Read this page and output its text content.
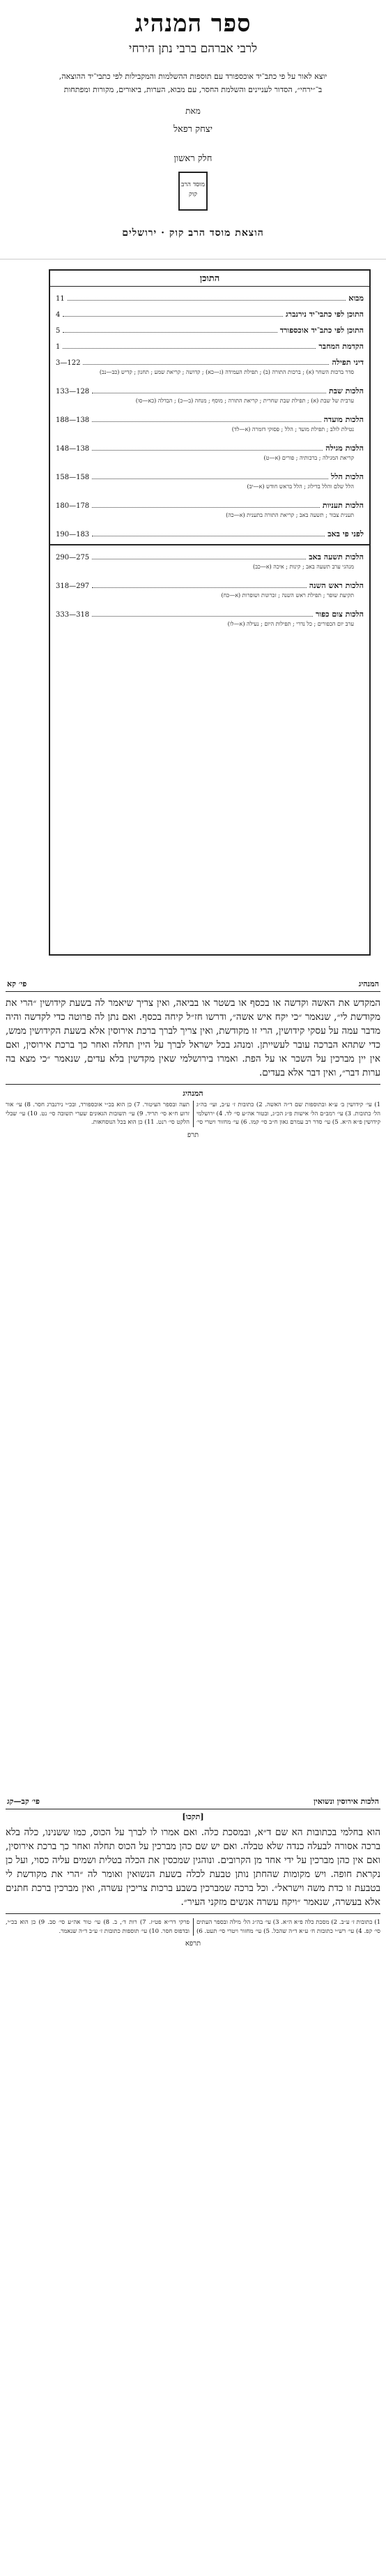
ספר המנהיג
לרבי אברהם ברבי נתן הירחי
יוצא לאור על פי כתב־יד אוכספורד עם תוספות ההשלמות והמקבילות לפי כתבי־יד ההוצאה, ב־״ירחי״, הסדור לעניינים והשלמת החסר, עם מבוא, הערות, ביאורים, מקורות ומפתחות
מאת
יצחק רפאל
חלק ראשון
מוסד הרב קוק
הוצאת מוסד הרב קוק · ירושלים
התוכן
מבוא
11
התוכן לפי כתבי־יד נירנברג
4
התוכן לפי כתב־יד אוכספורד
5
הקדמת המחבר
1
דיני תפילה
3—122
סדר ברכות השחר (א) ; ברכות התורה (ב) ; תפילת העמידה (ג—כא) ; קדושה ; קריאת שמע ; תחנון ; קדיש (כב—נב)
הלכות שבת
133—128
ערבית של שבת (א) ; תפילת שבת שחרית ; קריאת התורה ; מוסף ; מנחה (ב—כ) ; הבדלה (כא—סו)
הלכות מועדה
188—138
נטילת לולב ; תפילת מועד ; הלל ; פסוקי דזמרה (א—לד)
הלכות מגילה
148—138
קריאת המגילה ; ברכותיה ; פורים (א—ט)
הלכות הלל
158—158
הלל שלם והלל בדילוג ; הלל בראש חודש (א—יב)
הלכות תעניות
180—178
תענית צבור ; תשעה באב ; קריאת התורה בתענית (א—כה)
לפני פי באב
190—183
הלכות תשעה באב
290—275
מנהגי ערב תשעה באב ; קינות ; איכה (א—כב)
הלכות ראש השנה
318—297
תקיעת שופר ; תפילת ראש השנה ; זכרונות ושופרות (א—כח)
הלכות צום כפור
333—318
ערב יום הכפורים ; כל נדרי ; תפילות היום ; נעילה (א—לו)
המנהיג
פי׳ קא
המקדש את האשה וקדשה או בכסף או בשטר או בביאה, ואין צריך שיאמר לה בשעת קידושין ״הרי את מקודשת לי״, שנאמר ״כי יקח איש אשה״, ודרשו חז״ל קיחה בכסף. ואם נתן לה פרוטה כדי לקדשה והיה מדבר עמה על עסקי קידושין, הרי זו מקודשת, ואין צריך לברך ברכת אירוסין אלא בשעת הקידושין ממש, כדי שתהא הברכה עובר לעשייתן. ומנהג בכל ישראל לברך על היין תחלה ואחר כך ברכת אירוסין, ואם אין יין מברכין על השכר או על הפת. ואמרו בירושלמי שאין מקדשין בלא עדים, שנאמר ״כי מצא בה ערות דבר״, ואין דבר אלא בעדים.
המנהיג
1) עי׳ קידושין ב׳ ע״א ובתוספות שם ד״ה האשה. 2) כתובות ז׳ ע״ב, ועי׳ בה״ג הל׳ כתובות. 3) עי׳ רמב״ם הל׳ אישות פ״ג הכ״ג, ובטור אה״ע סי׳ לד. 4) ירושלמי קידושין פ״א ה״א. 5) עי׳ סדר רב עמרם גאון ח״ב סי׳ קמו. 6) עי׳ מחזור ויטרי סי׳ תעה ובספר העיטור. 7) כן הוא בכ״י אוכספורד, ובכ״י נירנברג חסר. 8) עי׳ אור זרוע ח״א סי׳ תריד. 9) עי׳ תשובות הגאונים שערי תשובה סי׳ נט. 10) עי׳ שבלי הלקט סי׳ רנט. 11) כן הוא בכל הנוסחאות.
תרפ
הלכות אירוסין ונשואין
פי׳ קב—קג
[תקכו]
הוא בחלמי בכתובות הא שם ד״א, ובמסכת כלה. ואם אמרו לו לברך על הכוס, כמו ששנינו, כלה בלא ברכה אסורה לבעלה כנדה שלא טבלה. ואם יש שם כהן מברכין על הכוס תחלה ואחר כך ברכת אירוסין, ואם אין כהן מברכין על ידי אחד מן הקרובים. ונוהגין שמכסין את הכלה בטלית ושמים עליה כסוי, ועל כן נקראת חופה. ויש מקומות שהחתן נותן טבעת לכלה בשעת הנשואין ואומר לה ״הרי את מקודשת לי בטבעת זו כדת משה וישראל״. וכל ברכה שמברכין בשבע ברכות צריכין עשרה, ואין מברכין ברכת חתנים אלא בעשרה, שנאמר ״ויקח עשרה אנשים מזקני העיר״.
1) כתובות ז׳ ע״ב. 2) מסכת כלה פ״א ה״א. 3) עי׳ בה״ג הל׳ מילה ובספר העתים סי׳ קפ. 4) עי׳ רש״י כתובות ח׳ ע״א ד״ה שהכל. 5) עי׳ מחזור ויטרי סי׳ תעט. 6) פרקי דר״א פט״ז. 7) רות ד׳, ב. 8) עי׳ טור אה״ע סי׳ סב. 9) כן הוא בכ״י, ובדפוס חסר. 10) עי׳ תוספות כתובות ז׳ ע״ב ד״ה שנאמר.
תרפא
